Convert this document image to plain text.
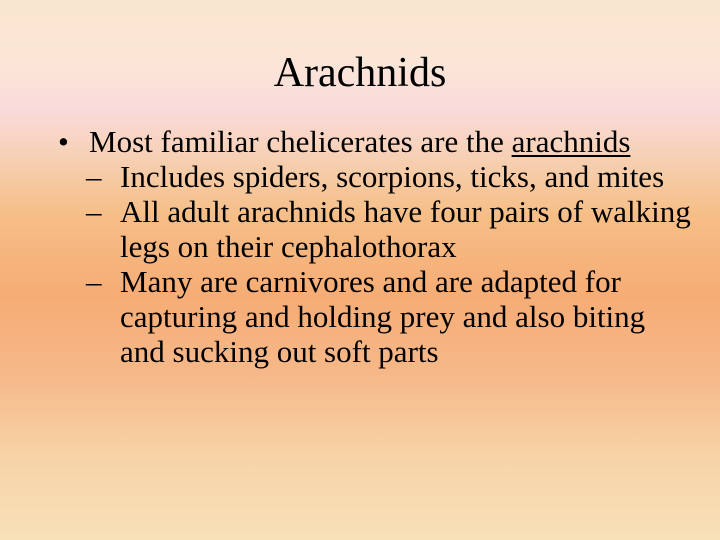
Arachnids
• Most familiar chelicerates are the arachnids
– Includes spiders, scorpions, ticks, and mites
– All adult arachnids have four pairs of walking legs on their cephalothorax
– Many are carnivores and are adapted for capturing and holding prey and also biting and sucking out soft parts
